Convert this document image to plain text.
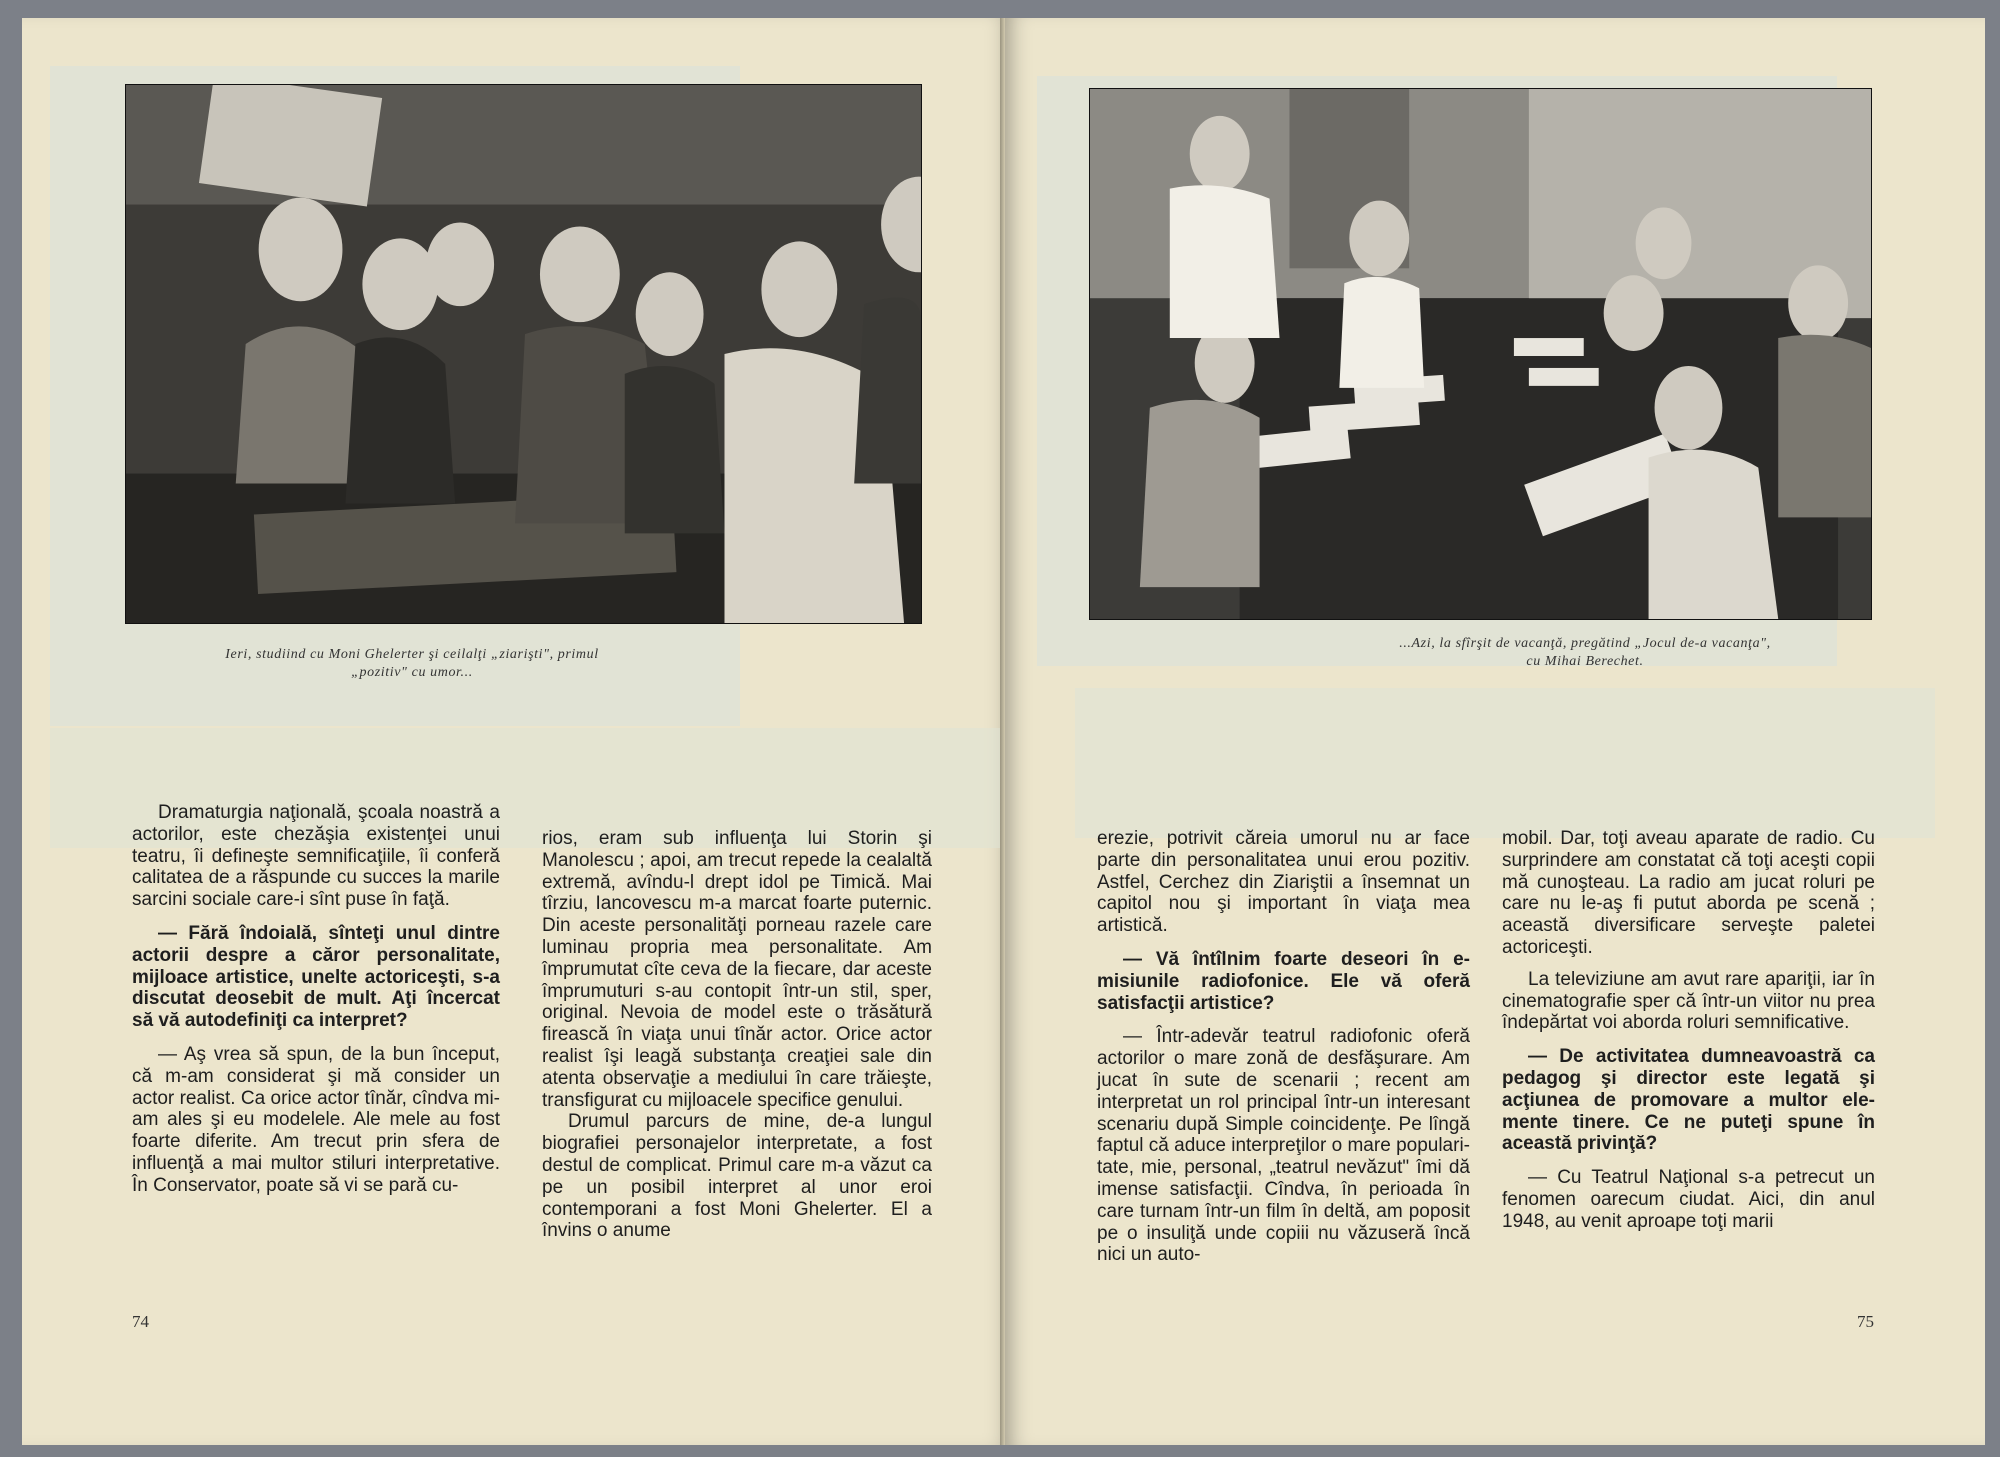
Ieri, studiind cu Moni Ghelerter şi ceilalţi „ziarişti", primul
„pozitiv" cu umor...

Dramaturgia naţională, şcoala noastră a actorilor, este chezăşia existenţei unui teatru, îi defineşte semnificaţiile, îi conferă calitatea de a răspunde cu succes la marile sarcini sociale care-i sînt puse în faţă.

— Fără îndoială, sînteţi unul dintre actorii despre a căror personalitate, mijloace artistice, unelte actoriceşti, s-a discutat deosebit de mult. Aţi încercat să vă autodefiniţi ca interpret?

— Aş vrea să spun, de la bun început, că m-am considerat şi mă consider un actor realist. Ca orice actor tînăr, cîndva mi-am ales şi eu modelele. Ale mele au fost foarte diferite. Am trecut prin sfera de influenţă a mai multor stiluri interpretative. În Conservator, poate să vi se pară cu-

rios, eram sub influenţa lui Storin şi Manolescu ; apoi, am trecut repede la cealaltă extremă, avîndu-l drept idol pe Timică. Mai tîrziu, Iancovescu m-a marcat foarte puternic. Din aceste personalităţi porneau razele care luminau propria mea personalitate. Am împrumutat cîte ceva de la fiecare, dar aceste împrumuturi s-au contopit într-un stil, sper, original. Nevoia de model este o trăsătură firească în viaţa unui tînăr actor. Orice actor realist îşi leagă substanţa creaţiei sale din atenta observaţie a mediului în care trăieşte, transfigurat cu mijloacele specifice genului.

Drumul parcurs de mine, de-a lungul biografiei personajelor interpretate, a fost destul de complicat. Primul care m-a văzut ca pe un posibil interpret al unor eroi contemporani a fost Moni Ghelerter. El a învins o anume

74
...Azi, la sfîrşit de vacanţă, pregătind „Jocul de-a vacanţa",
cu Mihai Berechet.

erezie, potrivit căreia umorul nu ar face parte din personalitatea unui erou pozitiv. Astfel, Cerchez din Ziariştii a însemnat un capitol nou şi important în viaţa mea artistică.

— Vă întîlnim foarte deseori în emisiunile radiofonice. Ele vă oferă satisfacţii artistice?

— Într-adevăr teatrul radiofonic oferă actorilor o mare zonă de desfăşurare. Am jucat în sute de scenarii ; recent am interpretat un rol principal într-un interesant scenariu după Simple coincidenţe. Pe lîngă faptul că aduce interpreţilor o mare popularitate, mie, personal, „teatrul nevăzut" îmi dă imense satisfacţii. Cîndva, în perioada în care turnam într-un film în deltă, am poposit pe o insuliţă unde copiii nu văzuseră încă nici un auto-

mobil. Dar, toţi aveau aparate de radio. Cu surprindere am constatat că toţi aceşti copii mă cunoşteau. La radio am jucat roluri pe care nu le-aş fi putut aborda pe scenă ; această diversificare serveşte paletei actoriceşti.

La televiziune am avut rare apariţii, iar în cinematografie sper că într-un viitor nu prea îndepărtat voi aborda roluri semnificative.

— De activitatea dumneavoastră ca pedagog şi director este legată şi acţiunea de promovare a multor elemente tinere. Ce ne puteţi spune în această privinţă?

— Cu Teatrul Naţional s-a petrecut un fenomen oarecum ciudat. Aici, din anul 1948, au venit aproape toţi marii

75
